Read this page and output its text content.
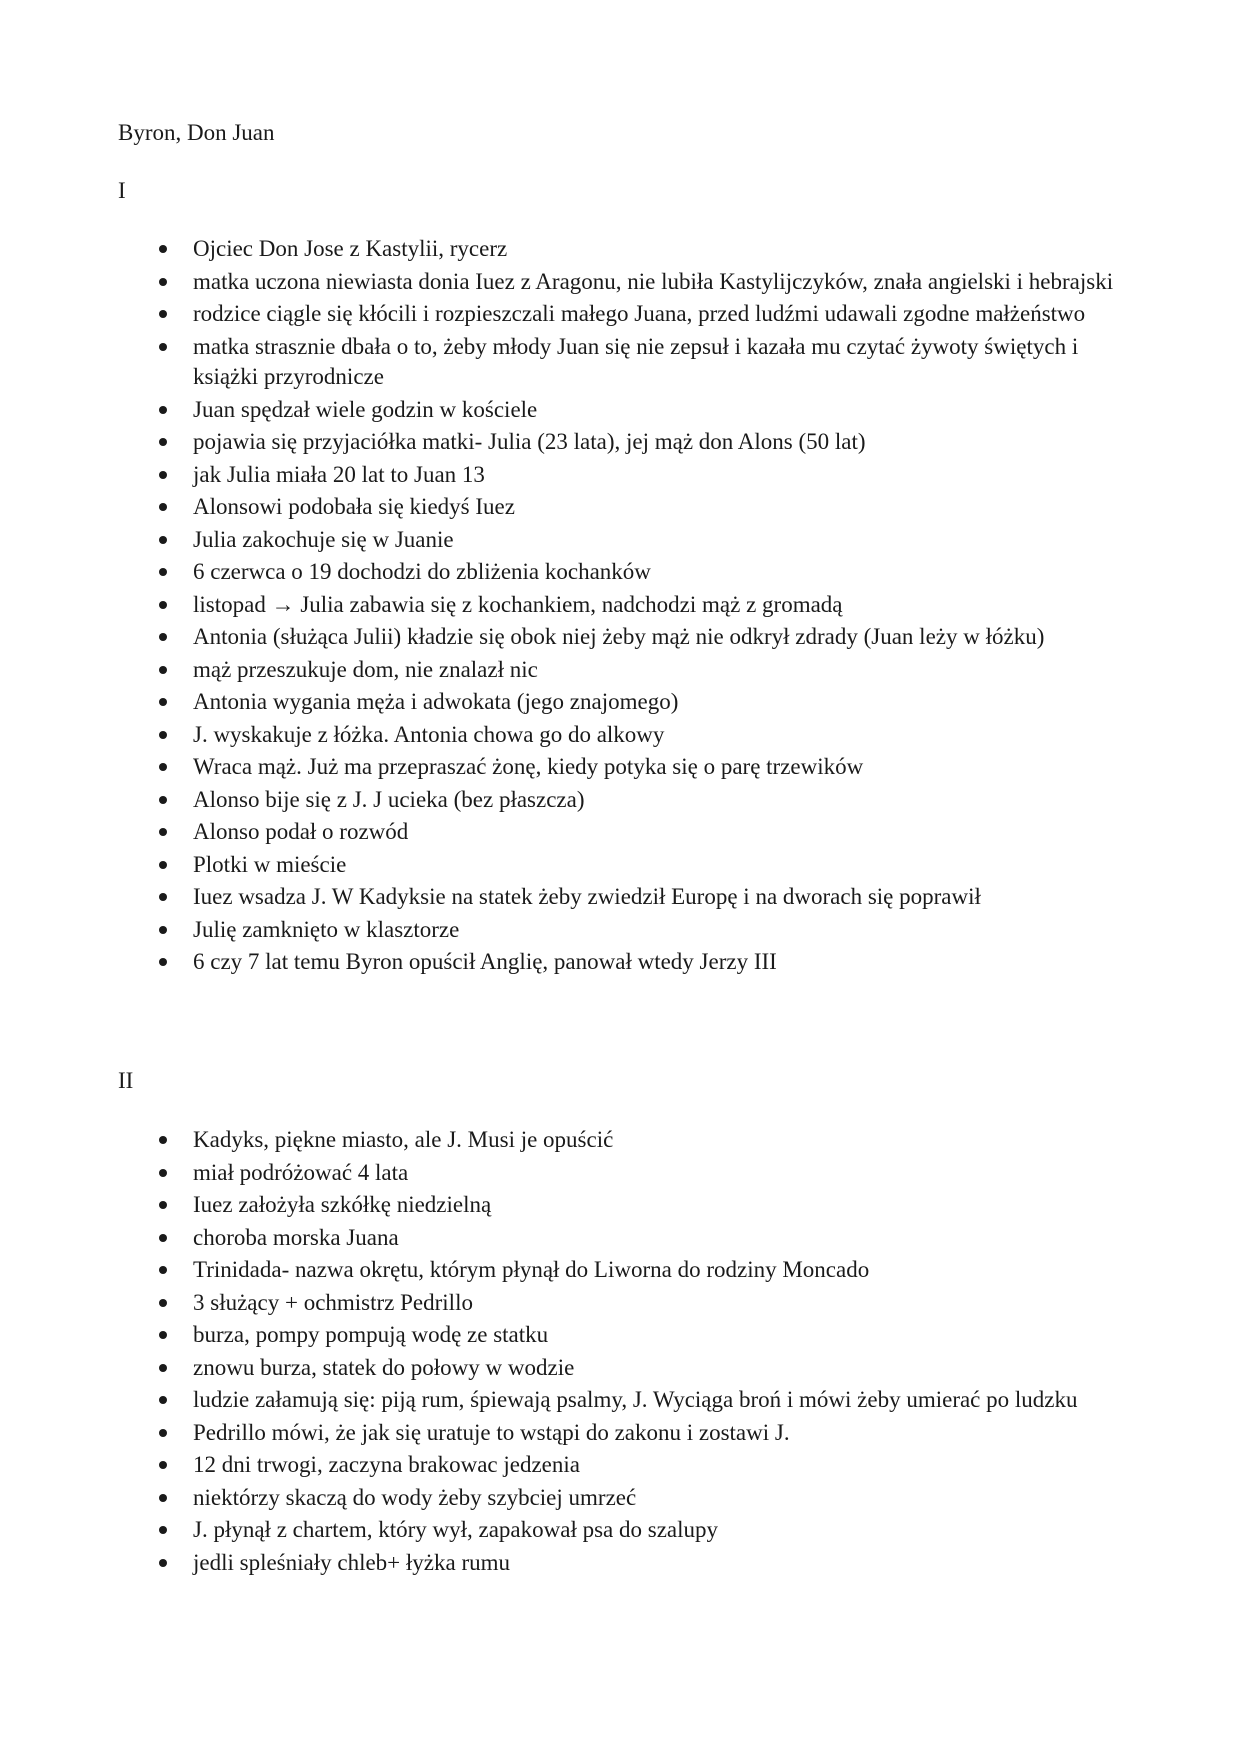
Byron, Don Juan
I
Ojciec Don Jose z Kastylii, rycerz
matka uczona niewiasta donia Iuez z Aragonu, nie lubiła Kastylijczyków, znała angielski i hebrajski
rodzice ciągle się kłócili i rozpieszczali małego Juana, przed ludźmi udawali zgodne małżeństwo
matka strasznie dbała o to, żeby młody Juan się nie zepsuł i kazała mu czytać żywoty świętych i książki przyrodnicze
Juan spędzał wiele godzin w kościele
pojawia się przyjaciółka matki- Julia (23 lata), jej mąż don Alons (50 lat)
jak Julia miała 20 lat to Juan 13
Alonsowi podobała się kiedyś Iuez
Julia zakochuje się w Juanie
6 czerwca o 19 dochodzi do zbliżenia kochanków
listopad → Julia zabawia się z kochankiem, nadchodzi mąż z gromadą
Antonia (służąca Julii) kładzie się obok niej żeby mąż nie odkrył zdrady (Juan leży w łóżku)
mąż przeszukuje dom, nie znalazł nic
Antonia wygania męża i adwokata (jego znajomego)
J. wyskakuje z łóżka. Antonia chowa go do alkowy
Wraca mąż. Już ma przepraszać żonę, kiedy potyka się o parę trzewików
Alonso bije się z J. J ucieka (bez płaszcza)
Alonso podał o rozwód
Plotki w mieście
Iuez wsadza J. W Kadyksie na statek żeby zwiedził Europę i na dworach się poprawił
Julię zamknięto w klasztorze
6 czy 7 lat temu Byron opuścił Anglię, panował wtedy Jerzy III
II
Kadyks, piękne miasto, ale J. Musi je opuścić
miał podróżować 4 lata
Iuez założyła szkółkę niedzielną
choroba morska Juana
Trinidada- nazwa okrętu, którym płynął do Liworna do rodziny Moncado
3 służący + ochmistrz Pedrillo
burza, pompy pompują wodę ze statku
znowu burza, statek do połowy w wodzie
ludzie załamują się: piją rum, śpiewają psalmy, J. Wyciąga broń i mówi żeby umierać po ludzku
Pedrillo mówi, że jak się uratuje to wstąpi do zakonu i zostawi J.
12 dni trwogi, zaczyna brakowac jedzenia
niektórzy skaczą do wody żeby szybciej umrzeć
J. płynął z chartem, który wył, zapakował psa do szalupy
jedli spleśniały chleb+ łyżka rumu
